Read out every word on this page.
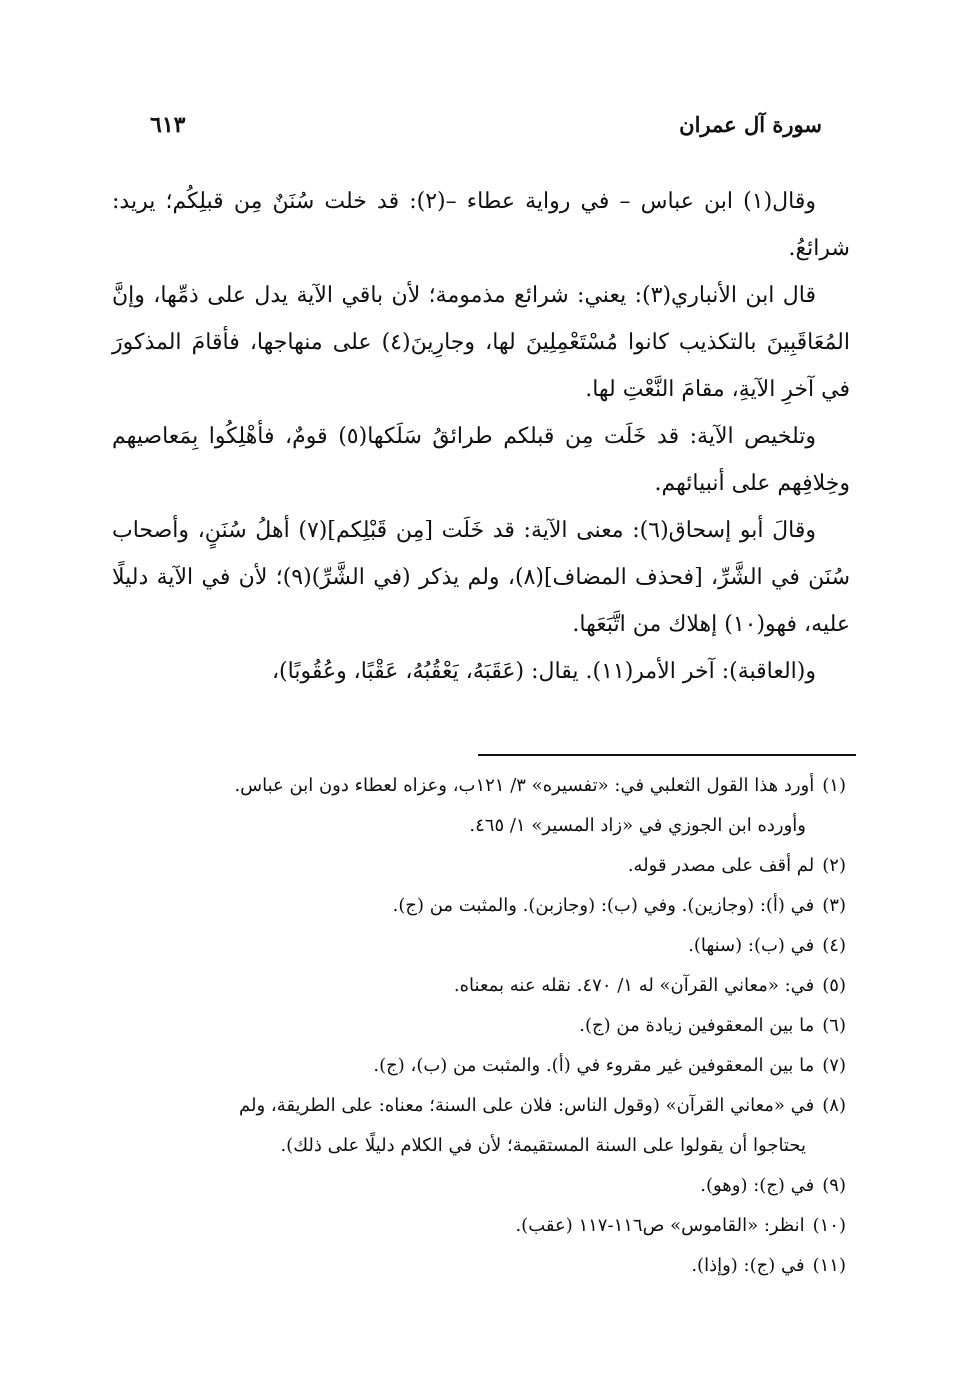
سورة آل عمران
٦١٣

وقال(١) ابن عباس – في رواية عطاء –(٢): قد خلت سُنَنٌ مِن قبلِكُم؛ يريد: شرائعُ.

قال ابن الأنباري(٣): يعني: شرائع مذمومة؛ لأن باقي الآية يدل على ذمِّها، وإنَّ المُعَاقَبِينَ بالتكذيب كانوا مُسْتَعْمِلِينَ لها، وجارِينَ(٤) على منهاجها، فأقامَ المذكورَ في آخرِ الآيةِ، مقامَ النَّعْتِ لها.

وتلخيص الآية: قد خَلَت مِن قبلكم طرائقُ سَلَكها(٥) قومٌ، فأهْلِكُوا بِمَعاصيهم وخِلافِهم على أنبيائهم.

وقالَ أبو إسحاق(٦): معنى الآية: قد خَلَت [مِن قَبْلِكم](٧) أهلُ سُنَنٍ، وأصحاب سُنَن في الشَّرِّ، [فحذف المضاف](٨)، ولم يذكر (في الشَّرِّ)(٩)؛ لأن في الآية دليلًا عليه، فهو(١٠) إهلاك من اتَّبَعَها.

و(العاقبة): آخر الأمر(١١). يقال: (عَقَبَهُ، يَعْقُبُهُ، عَقْبًا، وعُقُوبًا)،

(١)أورد هذا القول الثعلبي في: «تفسيره» ٣/ ١٢١ب، وعزاه لعطاء دون ابن عباس.
وأورده ابن الجوزي في «زاد المسير» ١/ ٤٦٥.

(٢)لم أقف على مصدر قوله.

(٣)في (أ): (وجازين). وفي (ب): (وجازبن). والمثبت من (ج).

(٤)في (ب): (سنها).

(٥)في: «معاني القرآن» له ١/ ٤٧٠. نقله عنه بمعناه.

(٦)ما بين المعقوفين زيادة من (ج).

(٧)ما بين المعقوفين غير مقروء في (أ). والمثبت من (ب)، (ج).

(٨)في «معاني القرآن» (وقول الناس: فلان على السنة؛ معناه: على الطريقة، ولم
يحتاجوا أن يقولوا على السنة المستقيمة؛ لأن في الكلام دليلًا على ذلك).

(٩)في (ج): (وهو).

(١٠)انظر: «القاموس» ص١١٦-١١٧ (عقب).

(١١)في (ج): (وإذا).
